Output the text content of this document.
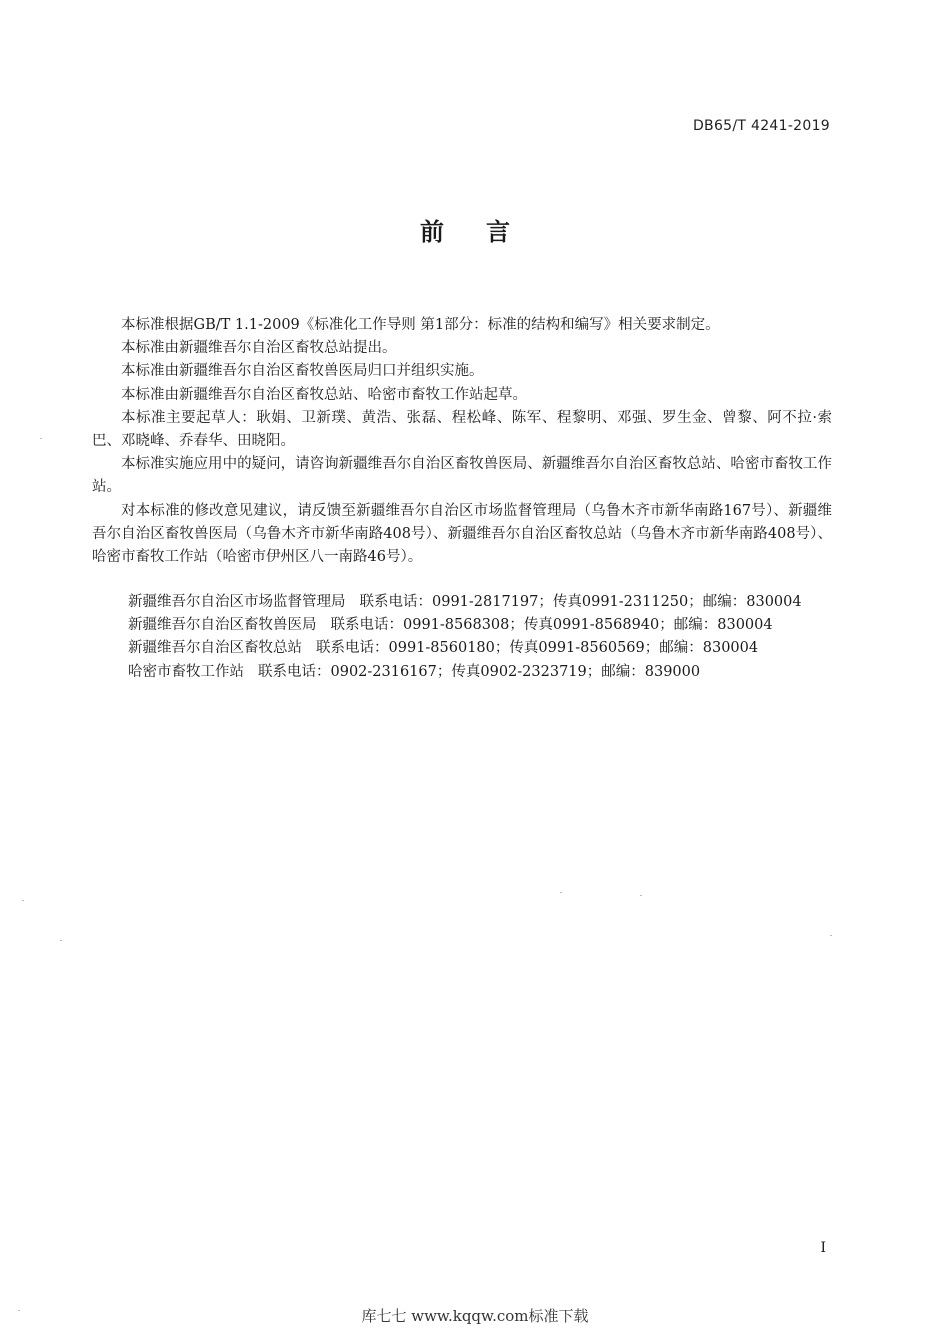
DB65/T 4241-2019
前言

本标准根据GB/T 1.1-2009《标准化工作导则 第1部分：标准的结构和编写》相关要求制定。

本标准由新疆维吾尔自治区畜牧总站提出。

本标准由新疆维吾尔自治区畜牧兽医局归口并组织实施。

本标准由新疆维吾尔自治区畜牧总站、哈密市畜牧工作站起草。

本标准主要起草人：耿娟、卫新璞、黄浩、张磊、程松峰、陈军、程黎明、邓强、罗生金、曾黎、阿不拉·索巴、邓晓峰、乔春华、田晓阳。

本标准实施应用中的疑问，请咨询新疆维吾尔自治区畜牧兽医局、新疆维吾尔自治区畜牧总站、哈密市畜牧工作站。

对本标准的修改意见建议，请反馈至新疆维吾尔自治区市场监督管理局（乌鲁木齐市新华南路167号）、新疆维吾尔自治区畜牧兽医局（乌鲁木齐市新华南路408号）、新疆维吾尔自治区畜牧总站（乌鲁木齐市新华南路408号）、哈密市畜牧工作站（哈密市伊州区八一南路46号）。

新疆维吾尔自治区市场监督管理局 联系电话：0991-2817197；传真0991-2311250；邮编：830004
新疆维吾尔自治区畜牧兽医局 联系电话：0991-8568308；传真0991-8568940；邮编：830004
新疆维吾尔自治区畜牧总站 联系电话：0991-8560180；传真0991-8560569；邮编：830004
哈密市畜牧工作站 联系电话：0902-2316167；传真0902-2323719；邮编：839000
I
库七七 www.kqqw.com标准下载
